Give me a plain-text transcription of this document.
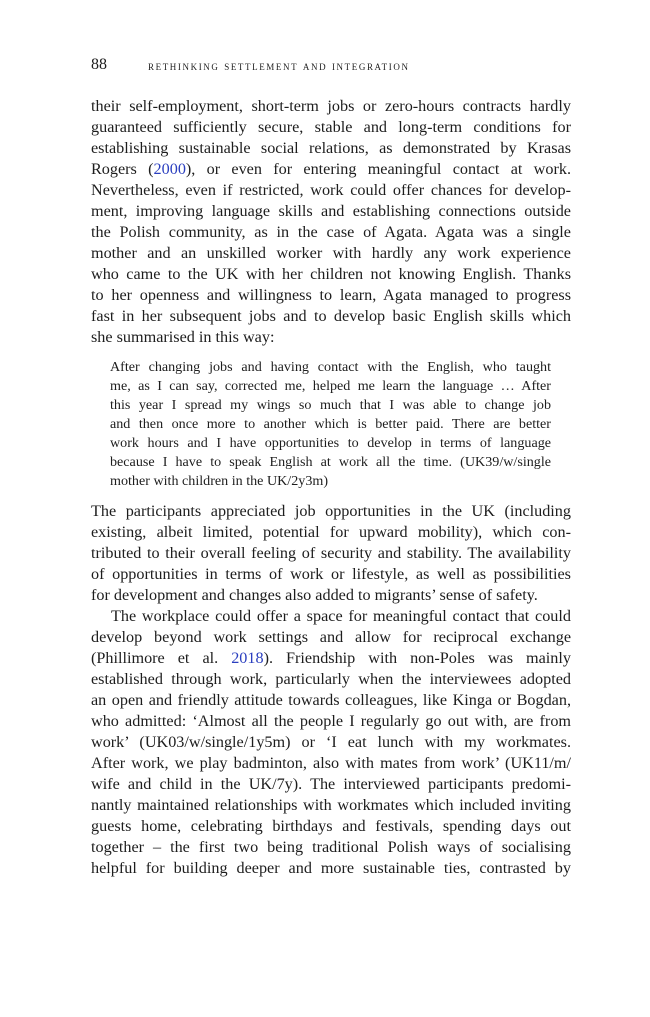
88	rethinking settlement and integration
their self-employment, short-term jobs or zero-hours contracts hardly
guaranteed sufficiently secure, stable and long-term conditions for
establishing sustainable social relations, as demonstrated by Krasas
Rogers (2000), or even for entering meaningful contact at work.
Nevertheless, even if restricted, work could offer chances for develop-
ment, improving language skills and establishing connections outside
the Polish community, as in the case of Agata. Agata was a single
mother and an unskilled worker with hardly any work experience
who came to the UK with her children not knowing English. Thanks
to her openness and willingness to learn, Agata managed to progress
fast in her subsequent jobs and to develop basic English skills which
she summarised in this way:
After changing jobs and having contact with the English, who taught
me, as I can say, corrected me, helped me learn the language … After
this year I spread my wings so much that I was able to change job
and then once more to another which is better paid. There are better
work hours and I have opportunities to develop in terms of language
because I have to speak English at work all the time. (UK39/w/single
mother with children in the UK/2y3m)
The participants appreciated job opportunities in the UK (including
existing, albeit limited, potential for upward mobility), which con-
tributed to their overall feeling of security and stability. The availability
of opportunities in terms of work or lifestyle, as well as possibilities
for development and changes also added to migrants’ sense of safety.
The workplace could offer a space for meaningful contact that could
develop beyond work settings and allow for reciprocal exchange
(Phillimore et al. 2018). Friendship with non-Poles was mainly
established through work, particularly when the interviewees adopted
an open and friendly attitude towards colleagues, like Kinga or Bogdan,
who admitted: ‘Almost all the people I regularly go out with, are from
work’ (UK03/w/single/1y5m) or ‘I eat lunch with my workmates.
After work, we play badminton, also with mates from work’ (UK11/m/
wife and child in the UK/7y). The interviewed participants predomi-
nantly maintained relationships with workmates which included inviting
guests home, celebrating birthdays and festivals, spending days out
together – the first two being traditional Polish ways of socialising
helpful for building deeper and more sustainable ties, contrasted by
